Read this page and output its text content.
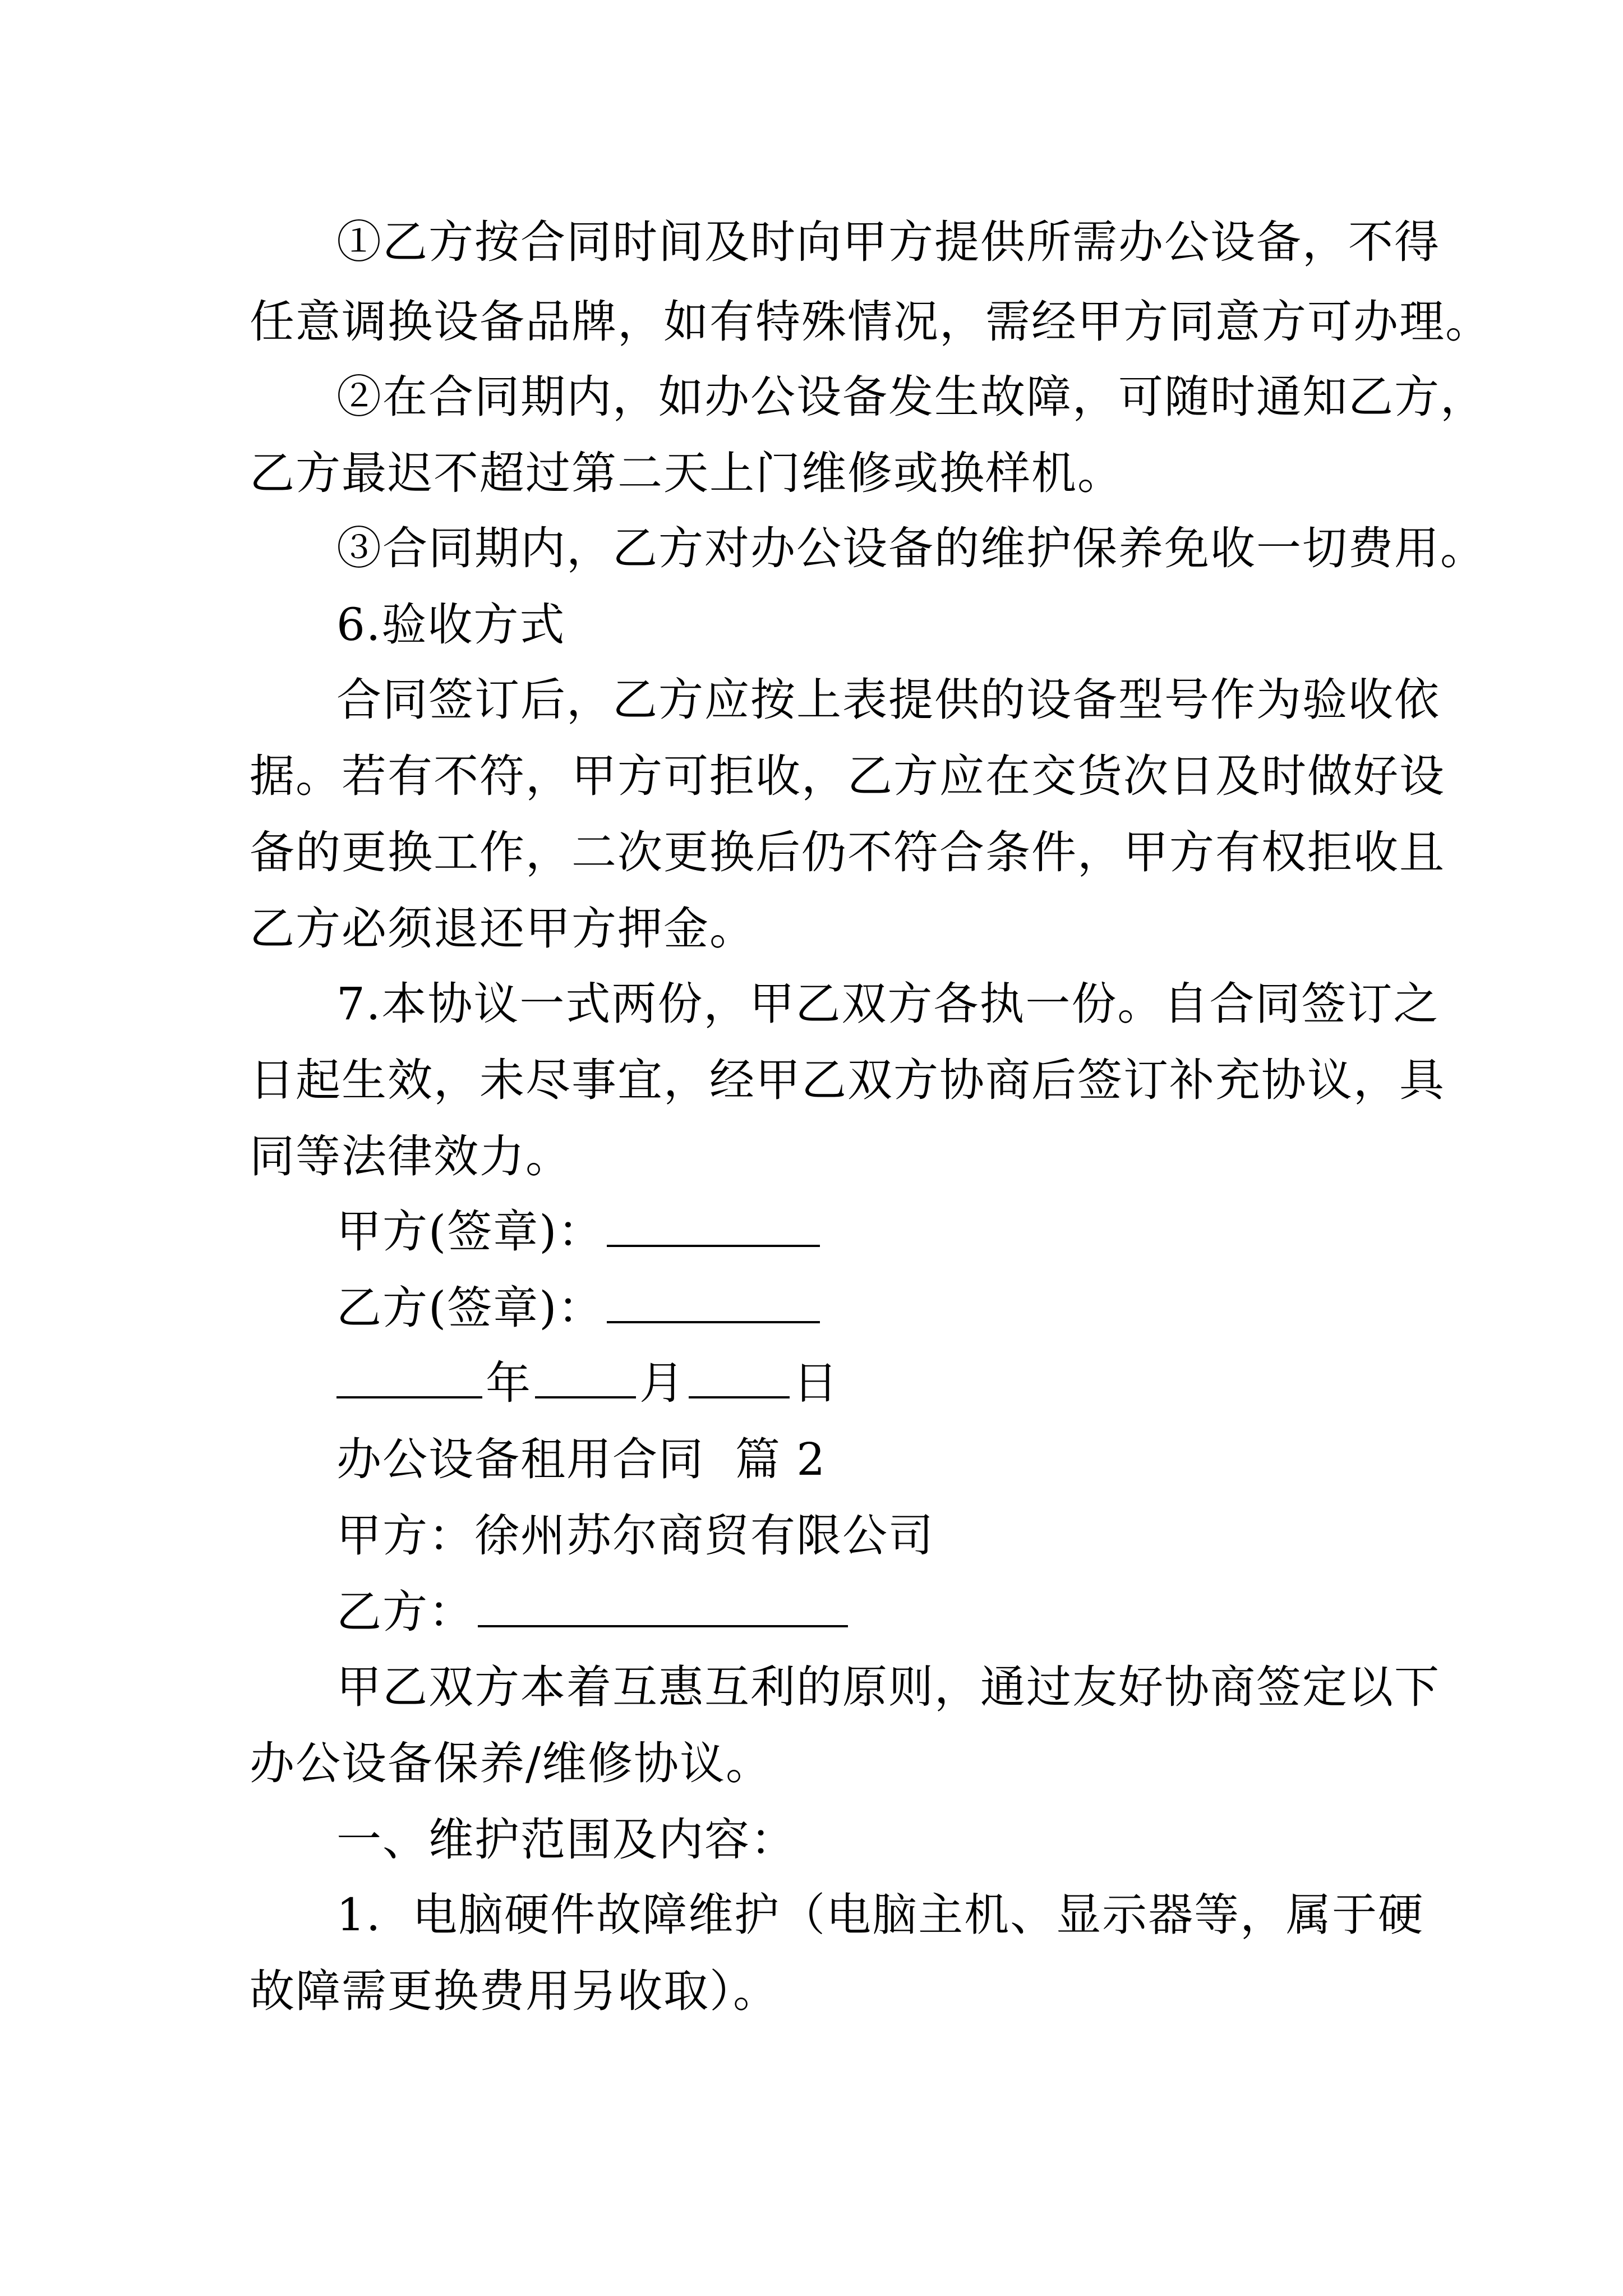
①乙方按合同时间及时向甲方提供所需办公设备，不得
任意调换设备品牌，如有特殊情况，需经甲方同意方可办理。
②在合同期内，如办公设备发生故障，可随时通知乙方，
乙方最迟不超过第二天上门维修或换样机。
③合同期内，乙方对办公设备的维护保养免收一切费用。
6.验收方式
合同签订后，乙方应按上表提供的设备型号作为验收依
据。若有不符，甲方可拒收，乙方应在交货次日及时做好设
备的更换工作，二次更换后仍不符合条件，甲方有权拒收且
乙方必须退还甲方押金。
7.本协议一式两份，甲乙双方各执一份。自合同签订之
日起生效，未尽事宜，经甲乙双方协商后签订补充协议，具
同等法律效力。
甲方(签章)：
乙方(签章)：
年 月 日
办公设备租用合同  篇 2
甲方：徐州苏尔商贸有限公司
乙方：
甲乙双方本着互惠互利的原则，通过友好协商签定以下
办公设备保养/维修协议。
一、维护范围及内容：
1.  电脑硬件故障维护（电脑主机、显示器等，属于硬
故障需更换费用另收取）。
